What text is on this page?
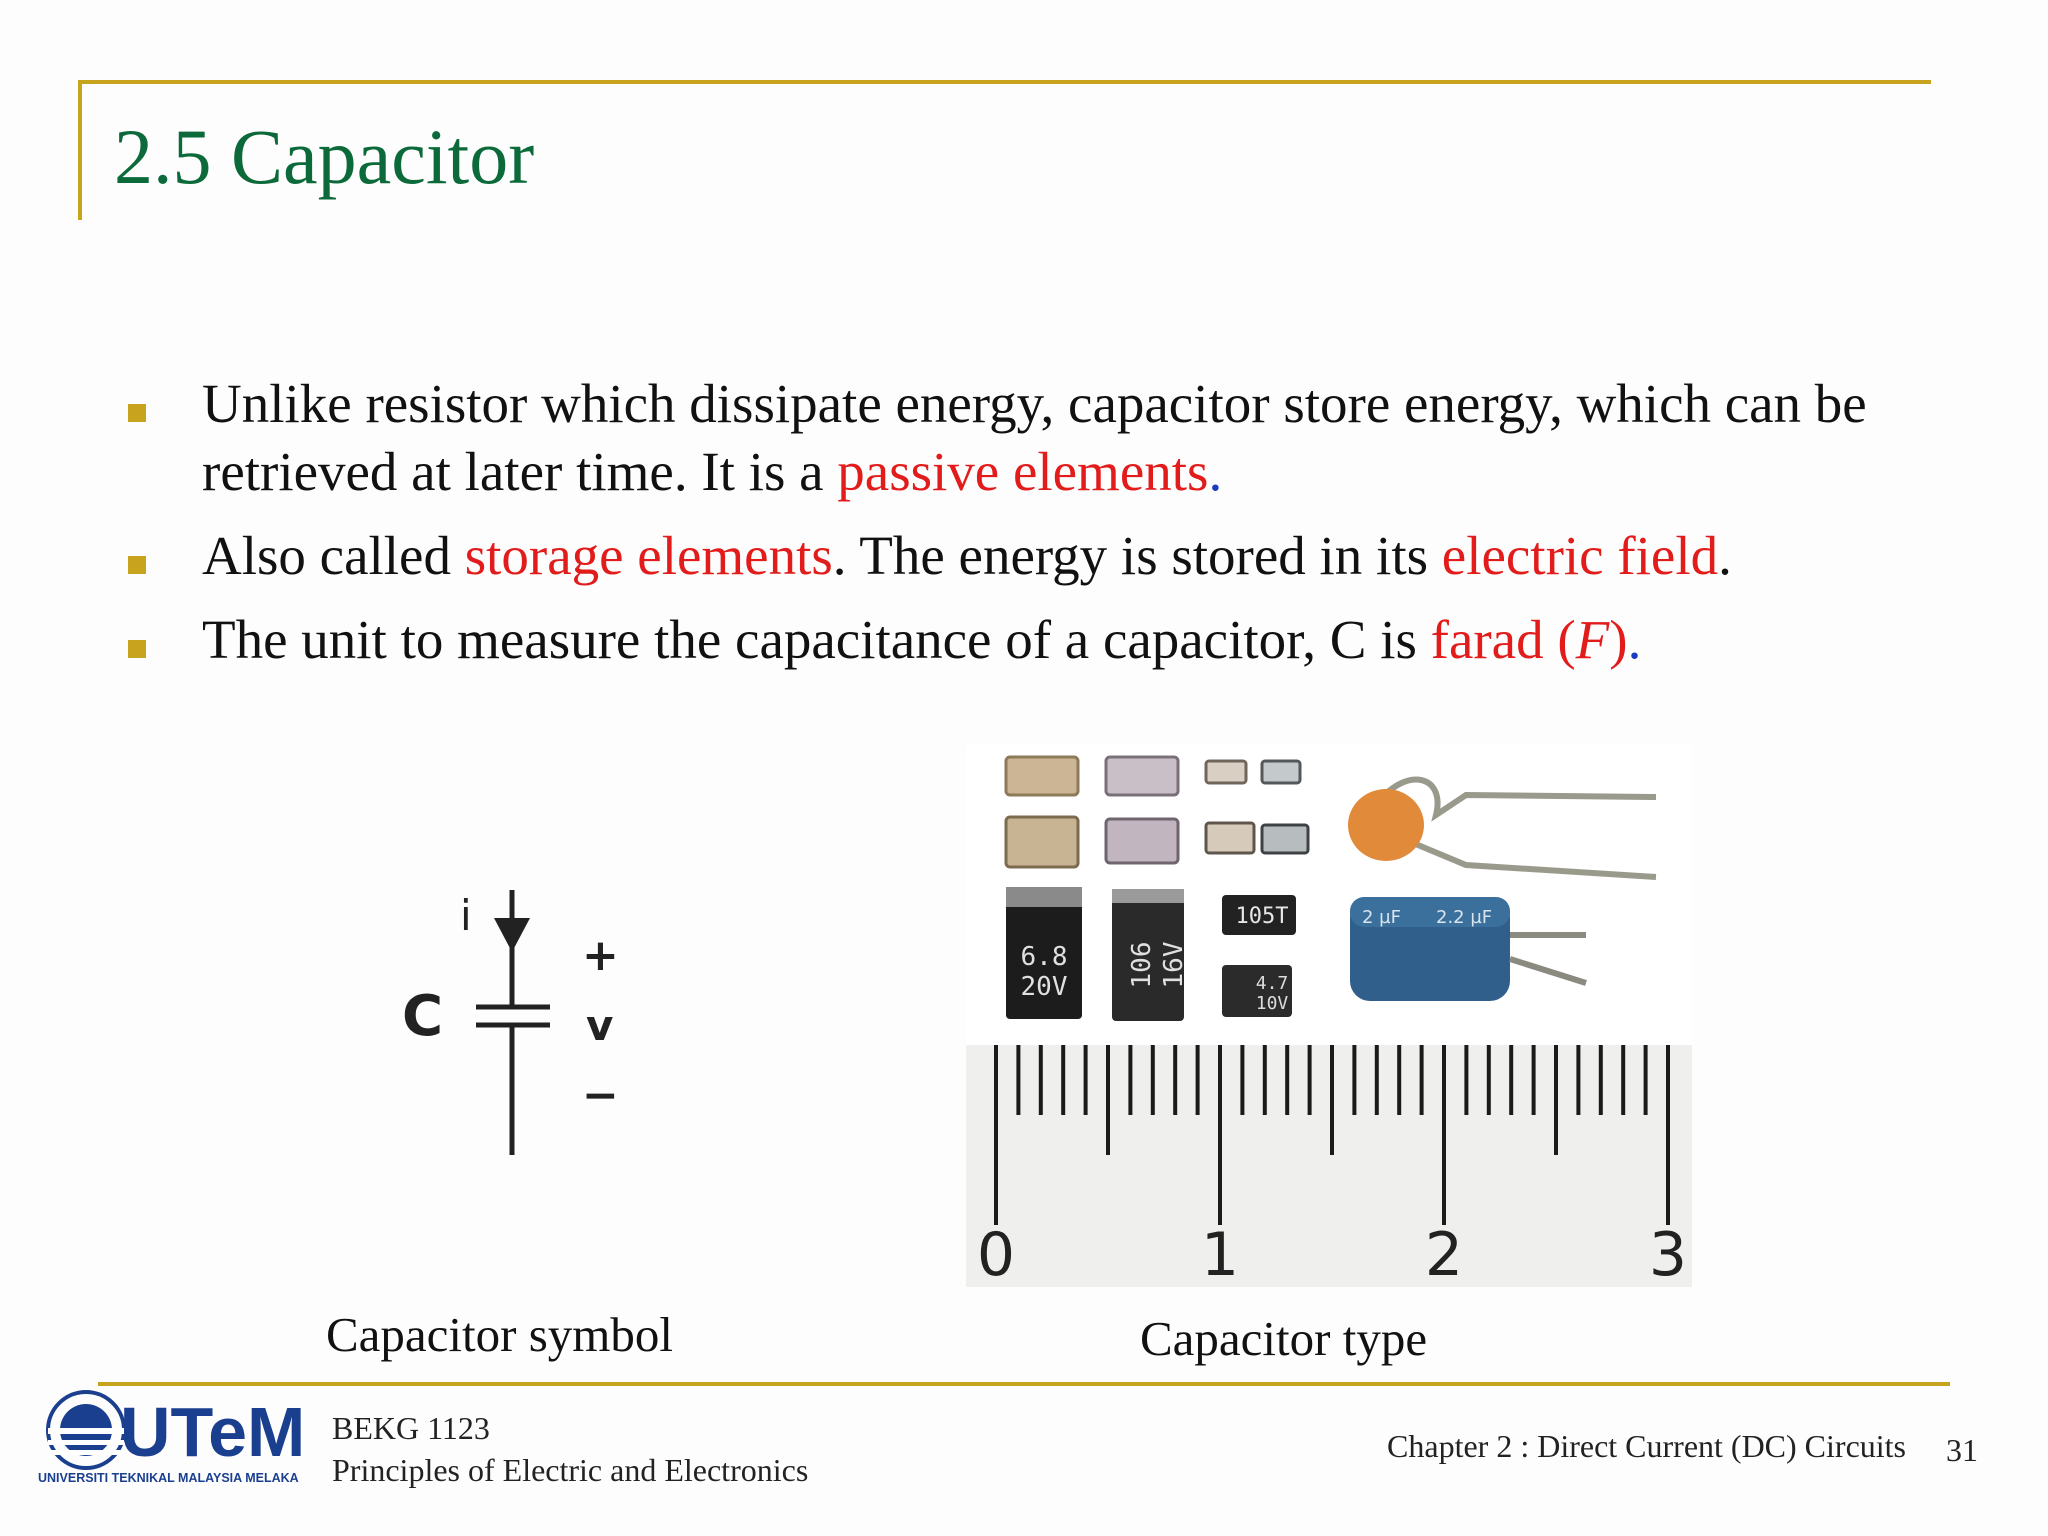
2.5 Capacitor
Unlike resistor which dissipate energy, capacitor store energy, which can be retrieved at later time. It is a passive elements.
Also called storage elements. The energy is stored in its electric field.
The unit to measure the capacitance of a capacitor, C is farad (F).
i
C
+
v
−
Capacitor symbol
6.8
20V 106 16V
105T
4.7
10V
2 µF 2.2 µF
0	1	2	3
Capacitor type
UTeM
UNIVERSITI TEKNIKAL MALAYSIA MELAKA
BEKG 1123
Principles of Electric and Electronics
Chapter 2 : Direct Current (DC) Circuits 31
